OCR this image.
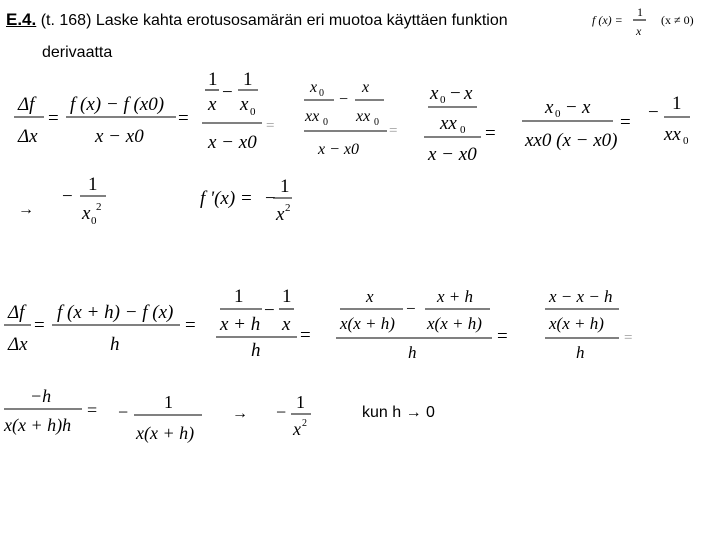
E.4. (t. 168) Laske kahta erotusosamärän eri muotoa käyttäen funktion
derivaatta
kun h → 0
f (x) =
1
x
(x ≠ 0)
Δf
Δx
=
f (x) − f (x0)
x − x0
=
1
x
−
1
x 0
x − x0
=
x 0
xx 0
−
x
xx 0
x − x0
=
x 0 − x
xx 0
x − x0
=
x 0 − x
xx0 (x − x0)
= − 1
xx 0
→
−
1
x 2
0
f '(x) = −
1
x 2
Δf
Δx
=
f (x + h) − f (x)
h
=
1
x + h
−
1
x
h
=
x
x(x + h)
−
x + h
x(x + h)
h
=
x − x − h
x(x + h)
h
=
−h
x(x + h)h
= − 1
x(x + h)
→ − 1
x 2
